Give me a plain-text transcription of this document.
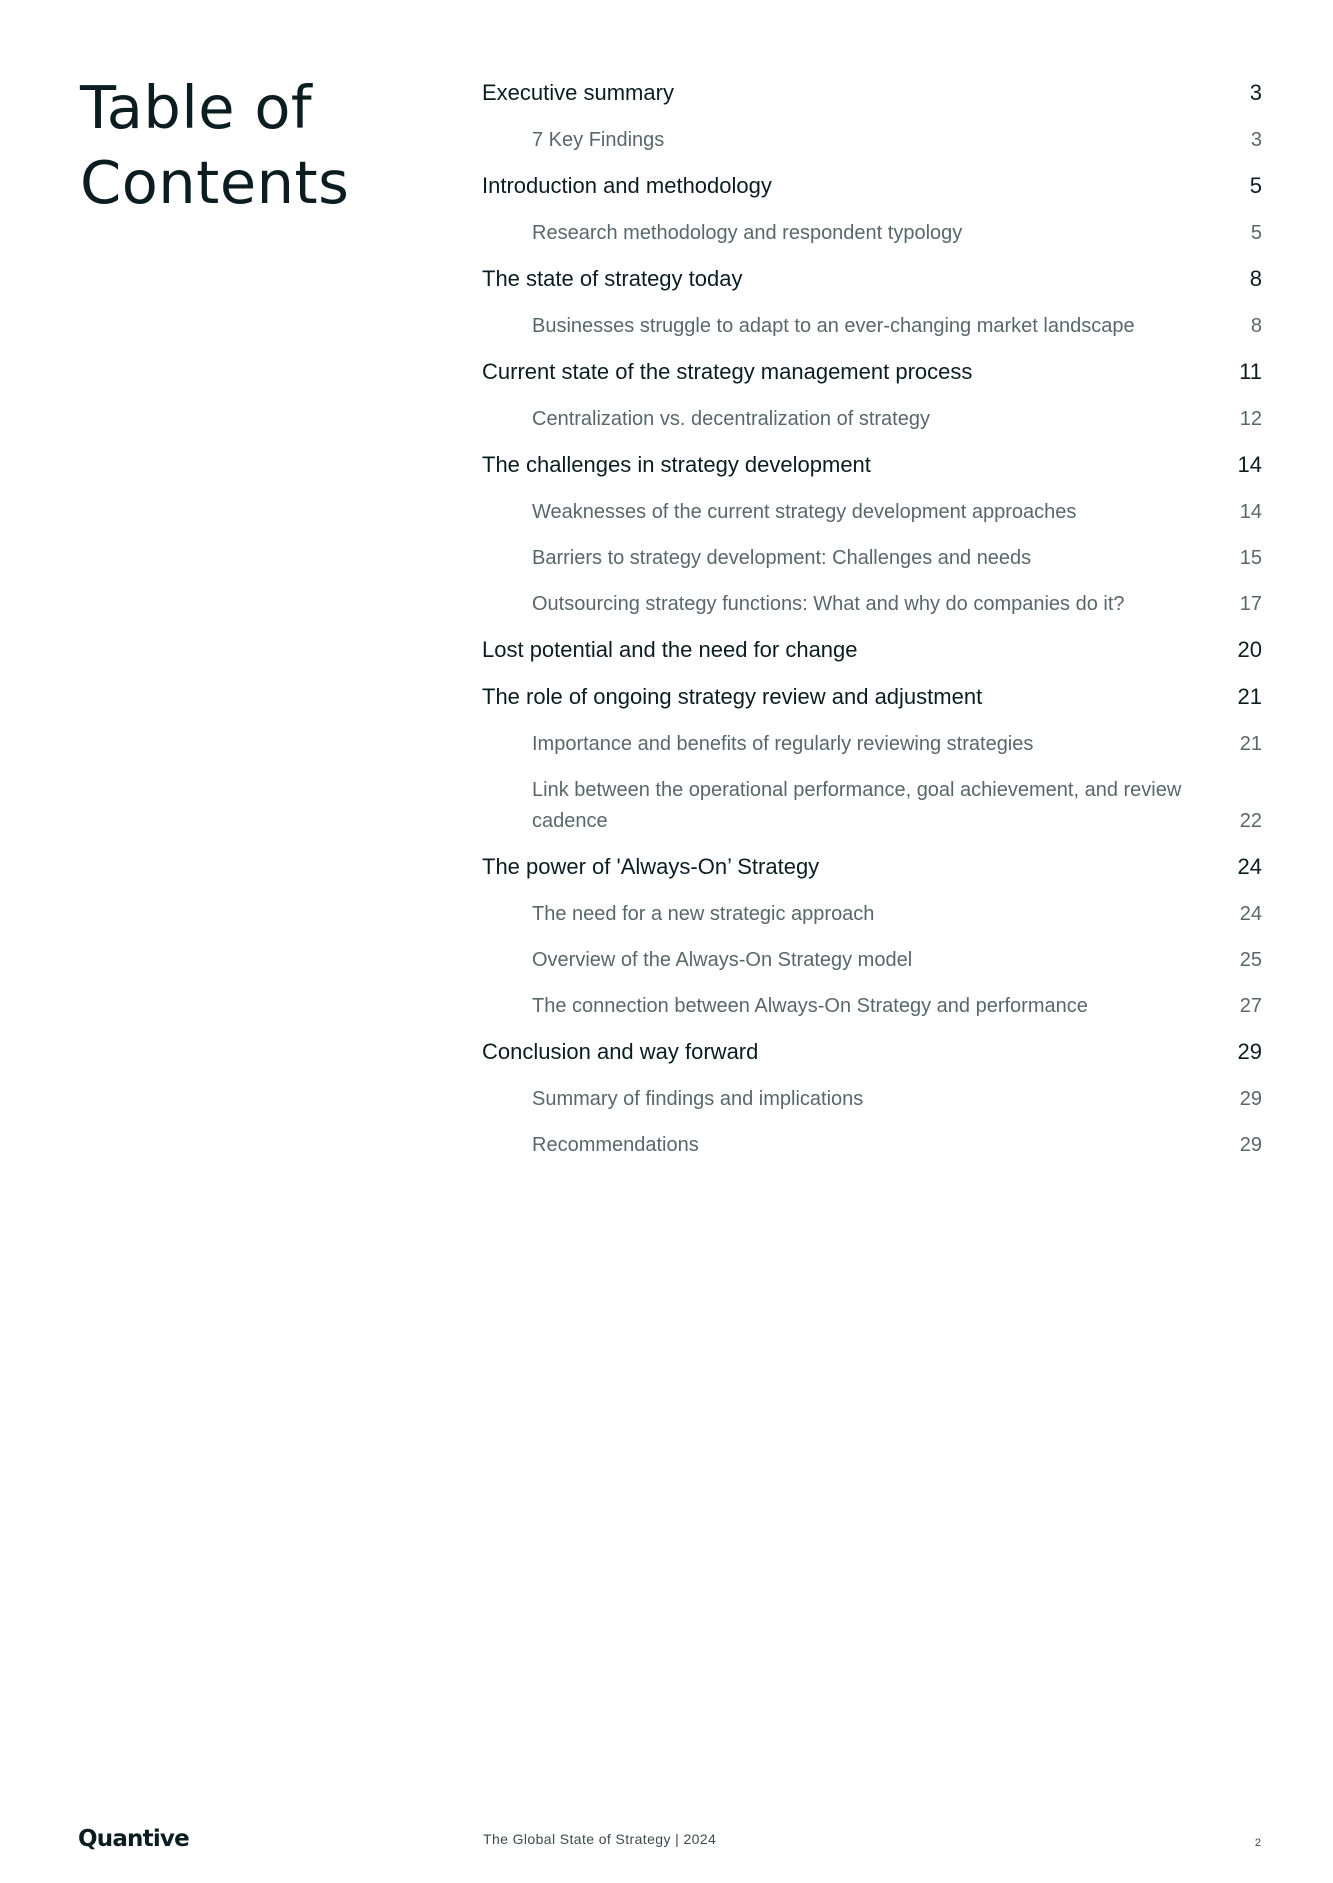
Table of
Contents
Executive summary	3
7 Key Findings	3
Introduction and methodology	5
Research methodology and respondent typology	5
The state of strategy today	8
Businesses struggle to adapt to an ever-changing market landscape	8
Current state of the strategy management process	11
Centralization vs. decentralization of strategy	12
The challenges in strategy development	14
Weaknesses of the current strategy development approaches	14
Barriers to strategy development: Challenges and needs	15
Outsourcing strategy functions: What and why do companies do it?	17
Lost potential and the need for change	20
The role of ongoing strategy review and adjustment	21
Importance and benefits of regularly reviewing strategies	21
Link between the operational performance, goal achievement, and review cadence	22
The power of 'Always-On’ Strategy	24
The need for a new strategic approach	24
Overview of the Always-On Strategy model	25
The connection between Always-On Strategy and performance	27
Conclusion and way forward	29
Summary of findings and implications	29
Recommendations	29
Quantive	The Global State of Strategy | 2024	2
